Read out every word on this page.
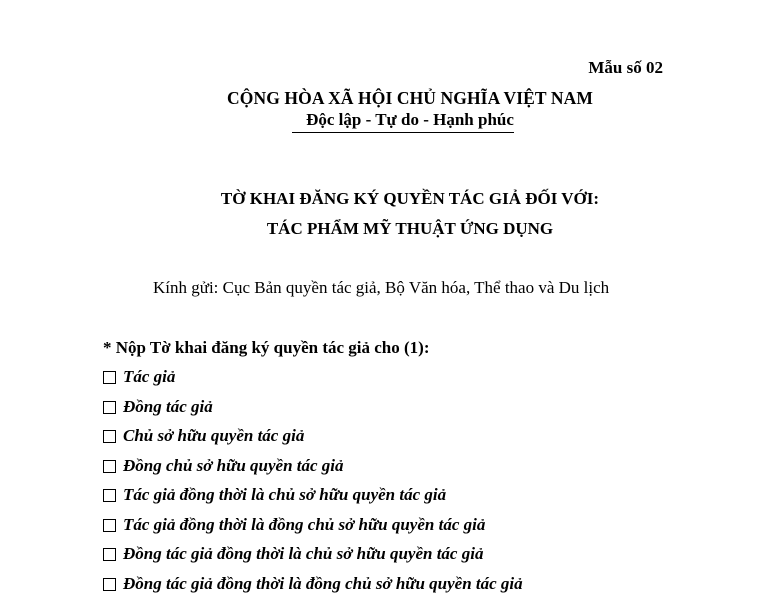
Mẫu số 02
CỘNG HÒA XÃ HỘI CHỦ NGHĨA VIỆT NAM
Độc lập - Tự do - Hạnh phúc
TỜ KHAI ĐĂNG KÝ QUYỀN TÁC GIẢ ĐỐI VỚI:
TÁC PHẨM MỸ THUẬT ỨNG DỤNG
Kính gửi: Cục Bản quyền tác giả, Bộ Văn hóa, Thể thao và Du lịch
* Nộp Tờ khai đăng ký quyền tác giả cho (1):
Tác giả
Đồng tác giả
Chủ sở hữu quyền tác giả
Đồng chủ sở hữu quyền tác giả
Tác giả đồng thời là chủ sở hữu quyền tác giả
Tác giả đồng thời là đồng chủ sở hữu quyền tác giả
Đồng tác giả đồng thời là chủ sở hữu quyền tác giả
Đồng tác giả đồng thời là đồng chủ sở hữu quyền tác giả
